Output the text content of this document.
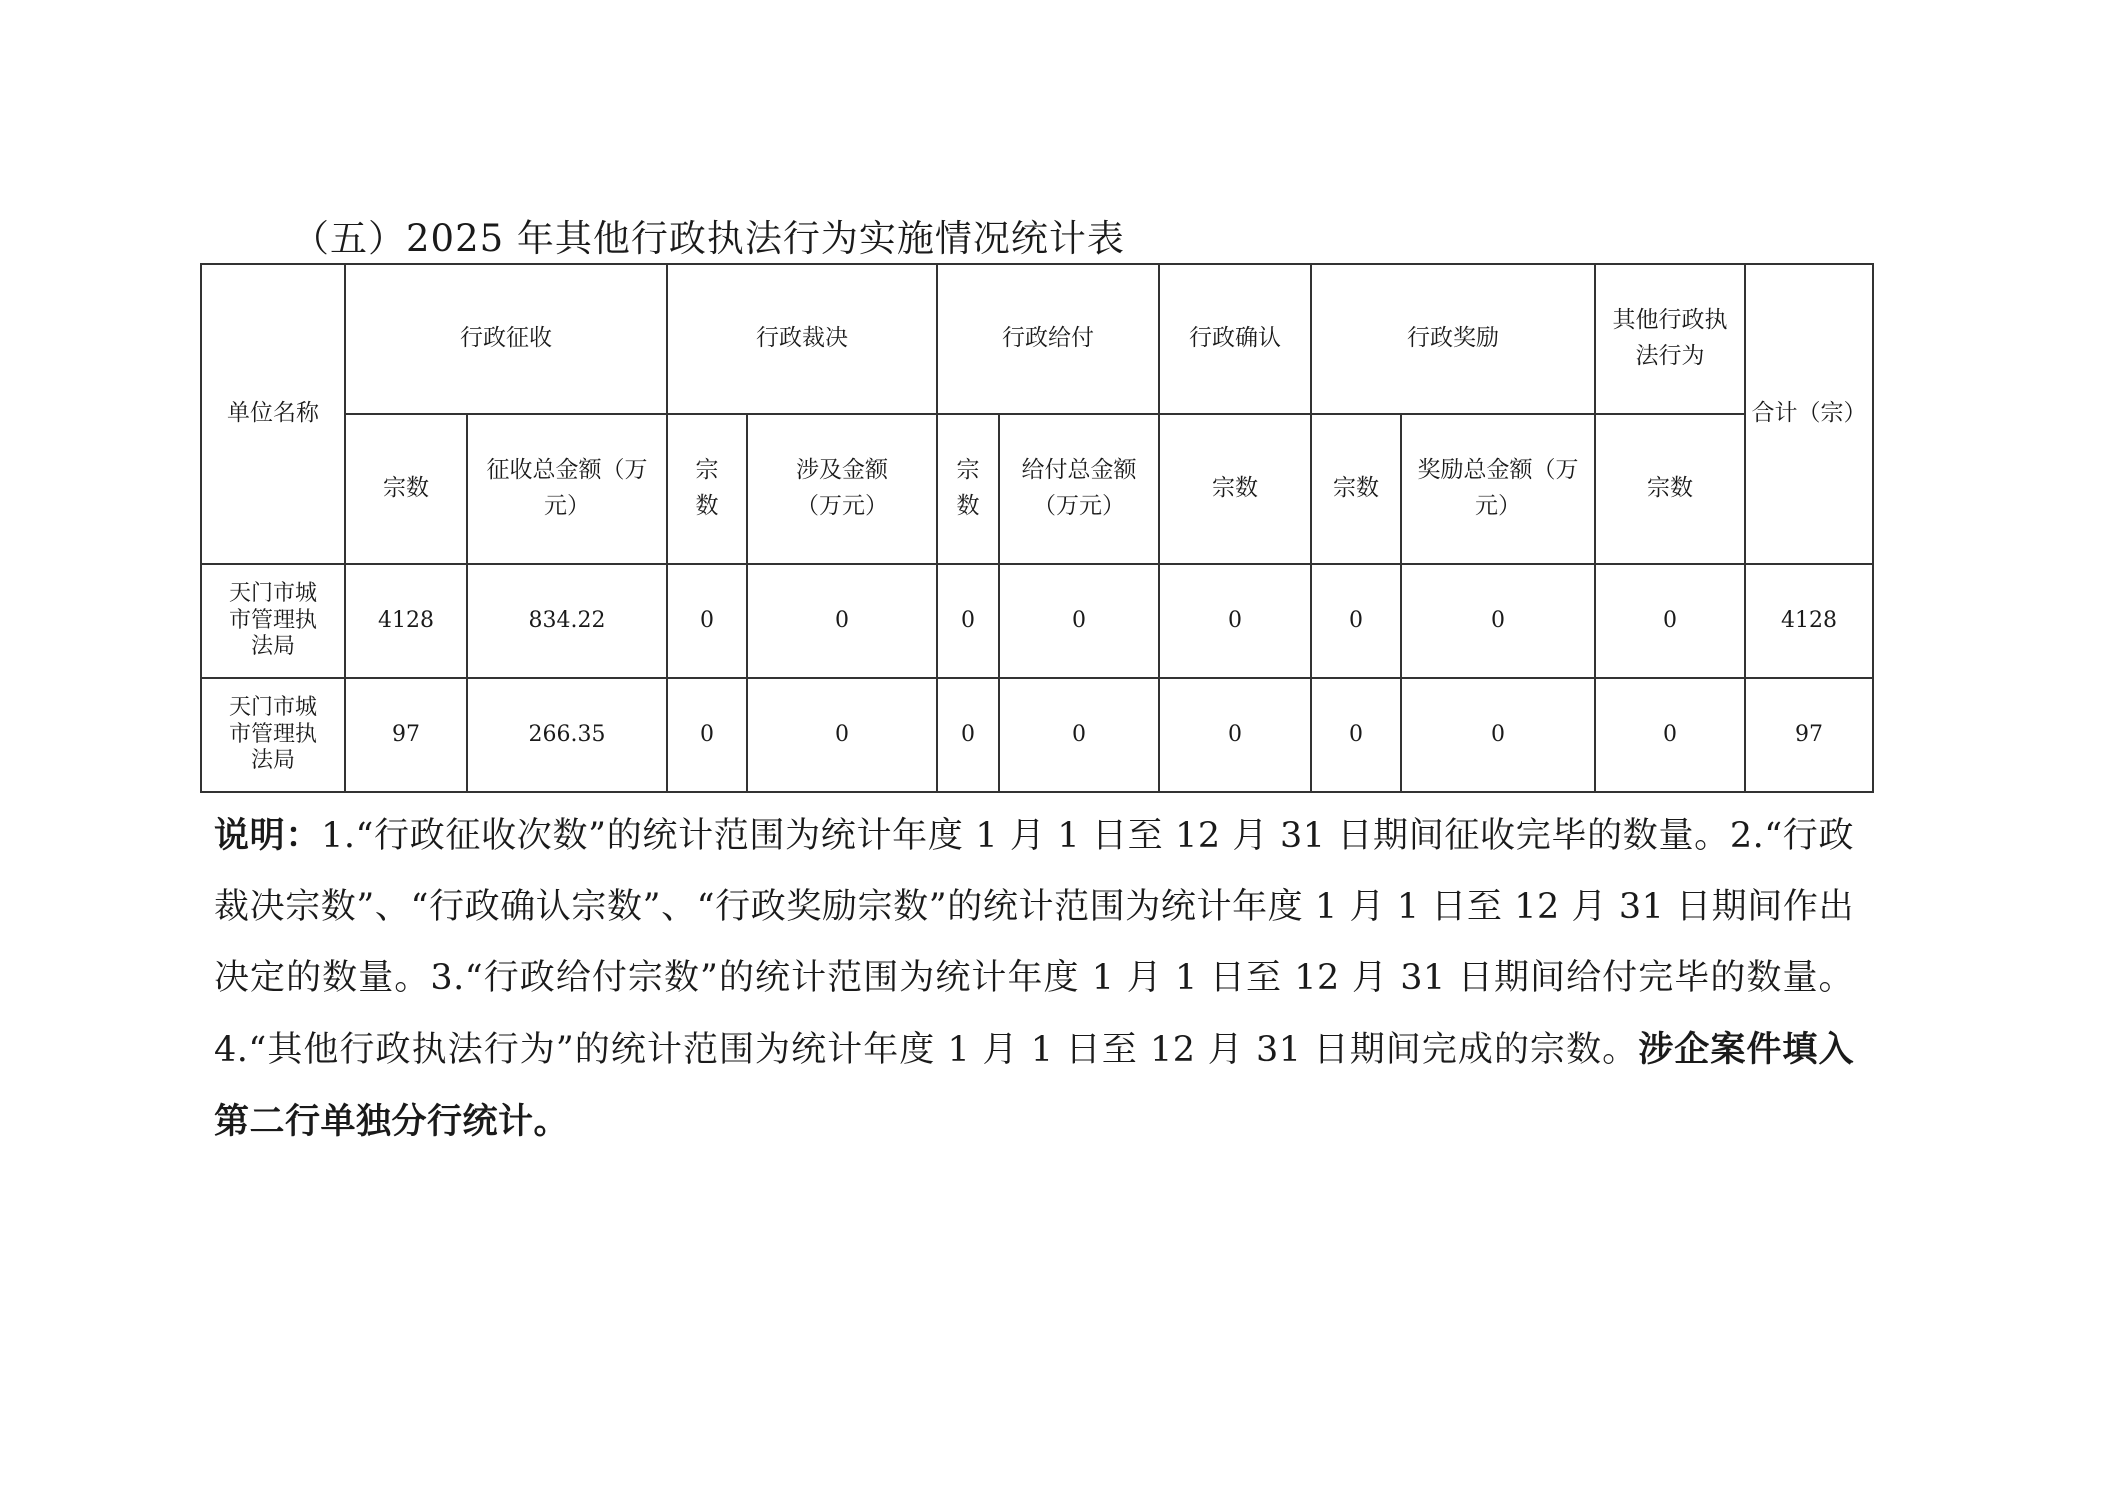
（五）2025 年其他行政执法行为实施情况统计表
单位名称	行政征收		行政裁决		行政给付		行政确认	行政奖励		其他行政执法行为	合计（宗）
	宗数	征收总金额（万元）	宗数	涉及金额（万元）	宗数	给付总金额（万元）	宗数	宗数	奖励总金额（万元）	宗数	
天门市城市管理执法局	4128	834.22	0	0	0	0	0	0	0	0	4128
天门市城市管理执法局	97	266.35	0	0	0	0	0	0	0	0	97
说明：1.“行政征收次数”的统计范围为统计年度 1 月 1 日至 12 月 31 日期间征收完毕的数量。2.“行政裁决宗数”、“行政确认宗数”、“行政奖励宗数”的统计范围为统计年度 1 月 1 日至 12 月 31 日期间作出决定的数量。3.“行政给付宗数”的统计范围为统计年度 1 月 1 日至 12 月 31 日期间给付完毕的数量。4.“其他行政执法行为”的统计范围为统计年度 1 月 1 日至 12 月 31 日期间完成的宗数。涉企案件填入第二行单独分行统计。
